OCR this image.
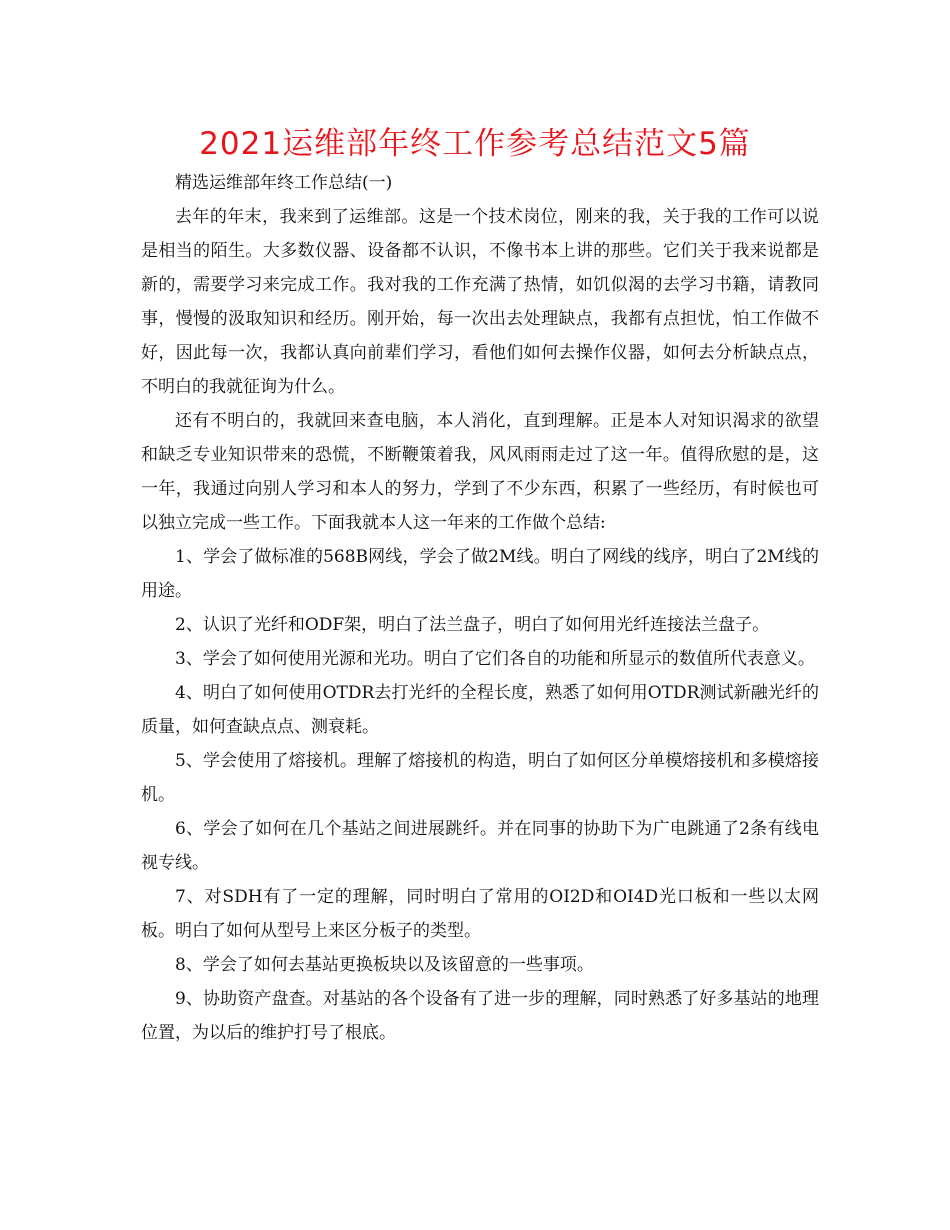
2021运维部年终工作参考总结范文5篇

精选运维部年终工作总结(一)

去年的年末，我来到了运维部。这是一个技术岗位，刚来的我，关于我的工作可以说是相当的陌生。大多数仪器、设备都不认识，不像书本上讲的那些。它们关于我来说都是新的，需要学习来完成工作。我对我的工作充满了热情，如饥似渴的去学习书籍，请教同事，慢慢的汲取知识和经历。刚开始，每一次出去处理缺点，我都有点担忧，怕工作做不好，因此每一次，我都认真向前辈们学习，看他们如何去操作仪器，如何去分析缺点点，不明白的我就征询为什么。

还有不明白的，我就回来查电脑，本人消化，直到理解。正是本人对知识渴求的欲望和缺乏专业知识带来的恐慌，不断鞭策着我，风风雨雨走过了这一年。值得欣慰的是，这一年，我通过向别人学习和本人的努力，学到了不少东西，积累了一些经历，有时候也可以独立完成一些工作。下面我就本人这一年来的工作做个总结:

1、学会了做标准的568B网线，学会了做2M线。明白了网线的线序，明白了2M线的用途。

2、认识了光纤和ODF架，明白了法兰盘子，明白了如何用光纤连接法兰盘子。

3、学会了如何使用光源和光功。明白了它们各自的功能和所显示的数值所代表意义。

4、明白了如何使用OTDR去打光纤的全程长度，熟悉了如何用OTDR测试新融光纤的质量，如何查缺点点、测衰耗。

5、学会使用了熔接机。理解了熔接机的构造，明白了如何区分单模熔接机和多模熔接机。

6、学会了如何在几个基站之间进展跳纤。并在同事的协助下为广电跳通了2条有线电视专线。

7、对SDH有了一定的理解，同时明白了常用的OI2D和OI4D光口板和一些以太网板。明白了如何从型号上来区分板子的类型。

8、学会了如何去基站更换板块以及该留意的一些事项。

9、协助资产盘查。对基站的各个设备有了进一步的理解，同时熟悉了好多基站的地理位置，为以后的维护打号了根底。
